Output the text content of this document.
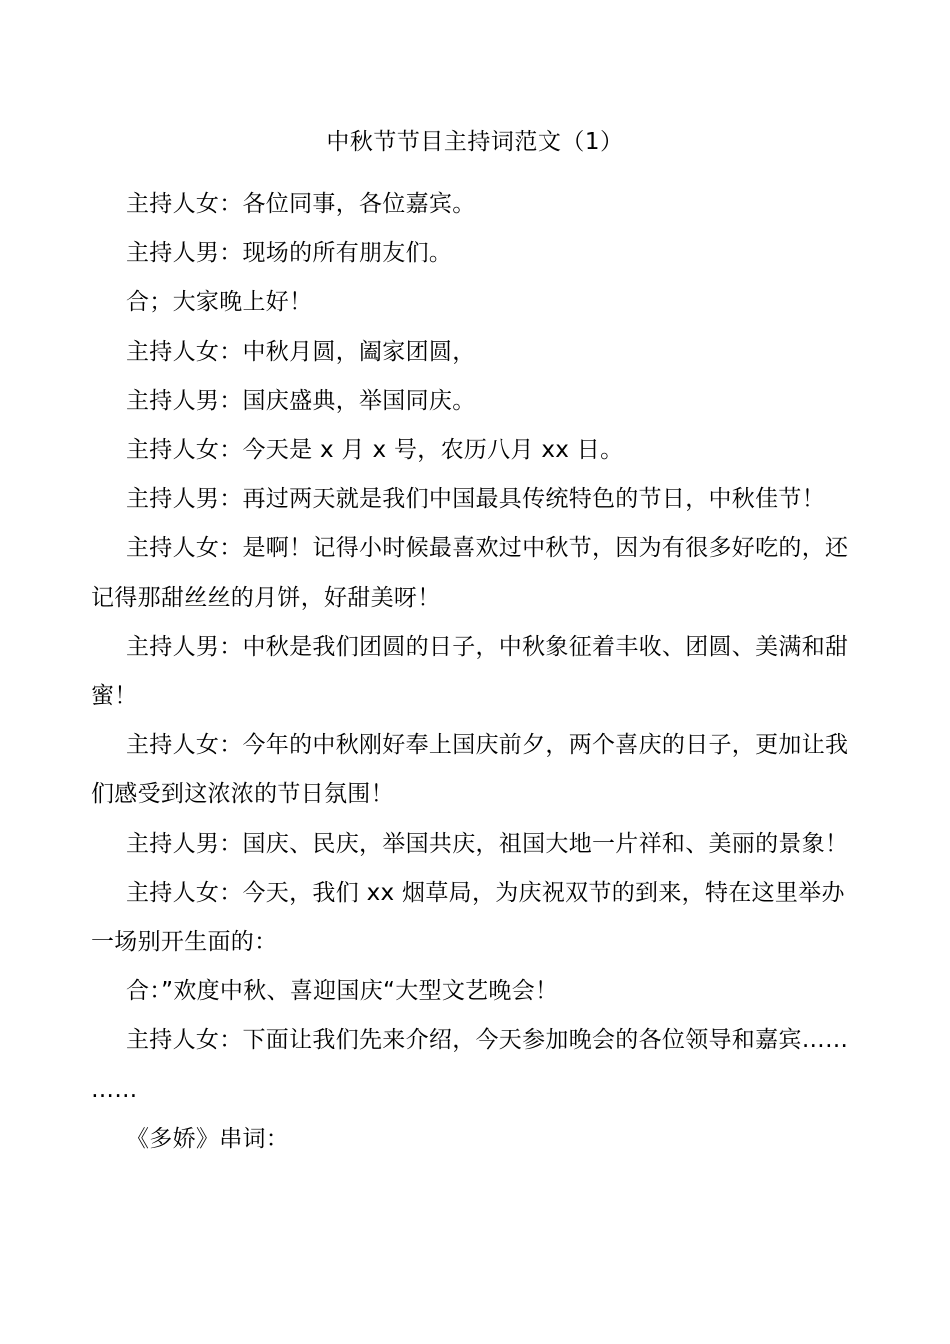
中秋节节目主持词范文（1）

主持人女：各位同事，各位嘉宾。

主持人男：现场的所有朋友们。

合；大家晚上好！

主持人女：中秋月圆，阖家团圆，

主持人男：国庆盛典，举国同庆。

主持人女：今天是 x 月 x 号，农历八月 xx 日。

主持人男：再过两天就是我们中国最具传统特色的节日，中秋佳节！

主持人女：是啊！记得小时候最喜欢过中秋节，因为有很多好吃的，还记得那甜丝丝的月饼，好甜美呀！

主持人男：中秋是我们团圆的日子，中秋象征着丰收、团圆、美满和甜蜜！

主持人女：今年的中秋刚好奉上国庆前夕，两个喜庆的日子，更加让我们感受到这浓浓的节日氛围！

主持人男：国庆、民庆，举国共庆，祖国大地一片祥和、美丽的景象！

主持人女：今天，我们 xx 烟草局，为庆祝双节的到来，特在这里举办一场别开生面的：

合：”欢度中秋、喜迎国庆“大型文艺晚会！

主持人女：下面让我们先来介绍，今天参加晚会的各位领导和嘉宾……

……

《多娇》串词：
